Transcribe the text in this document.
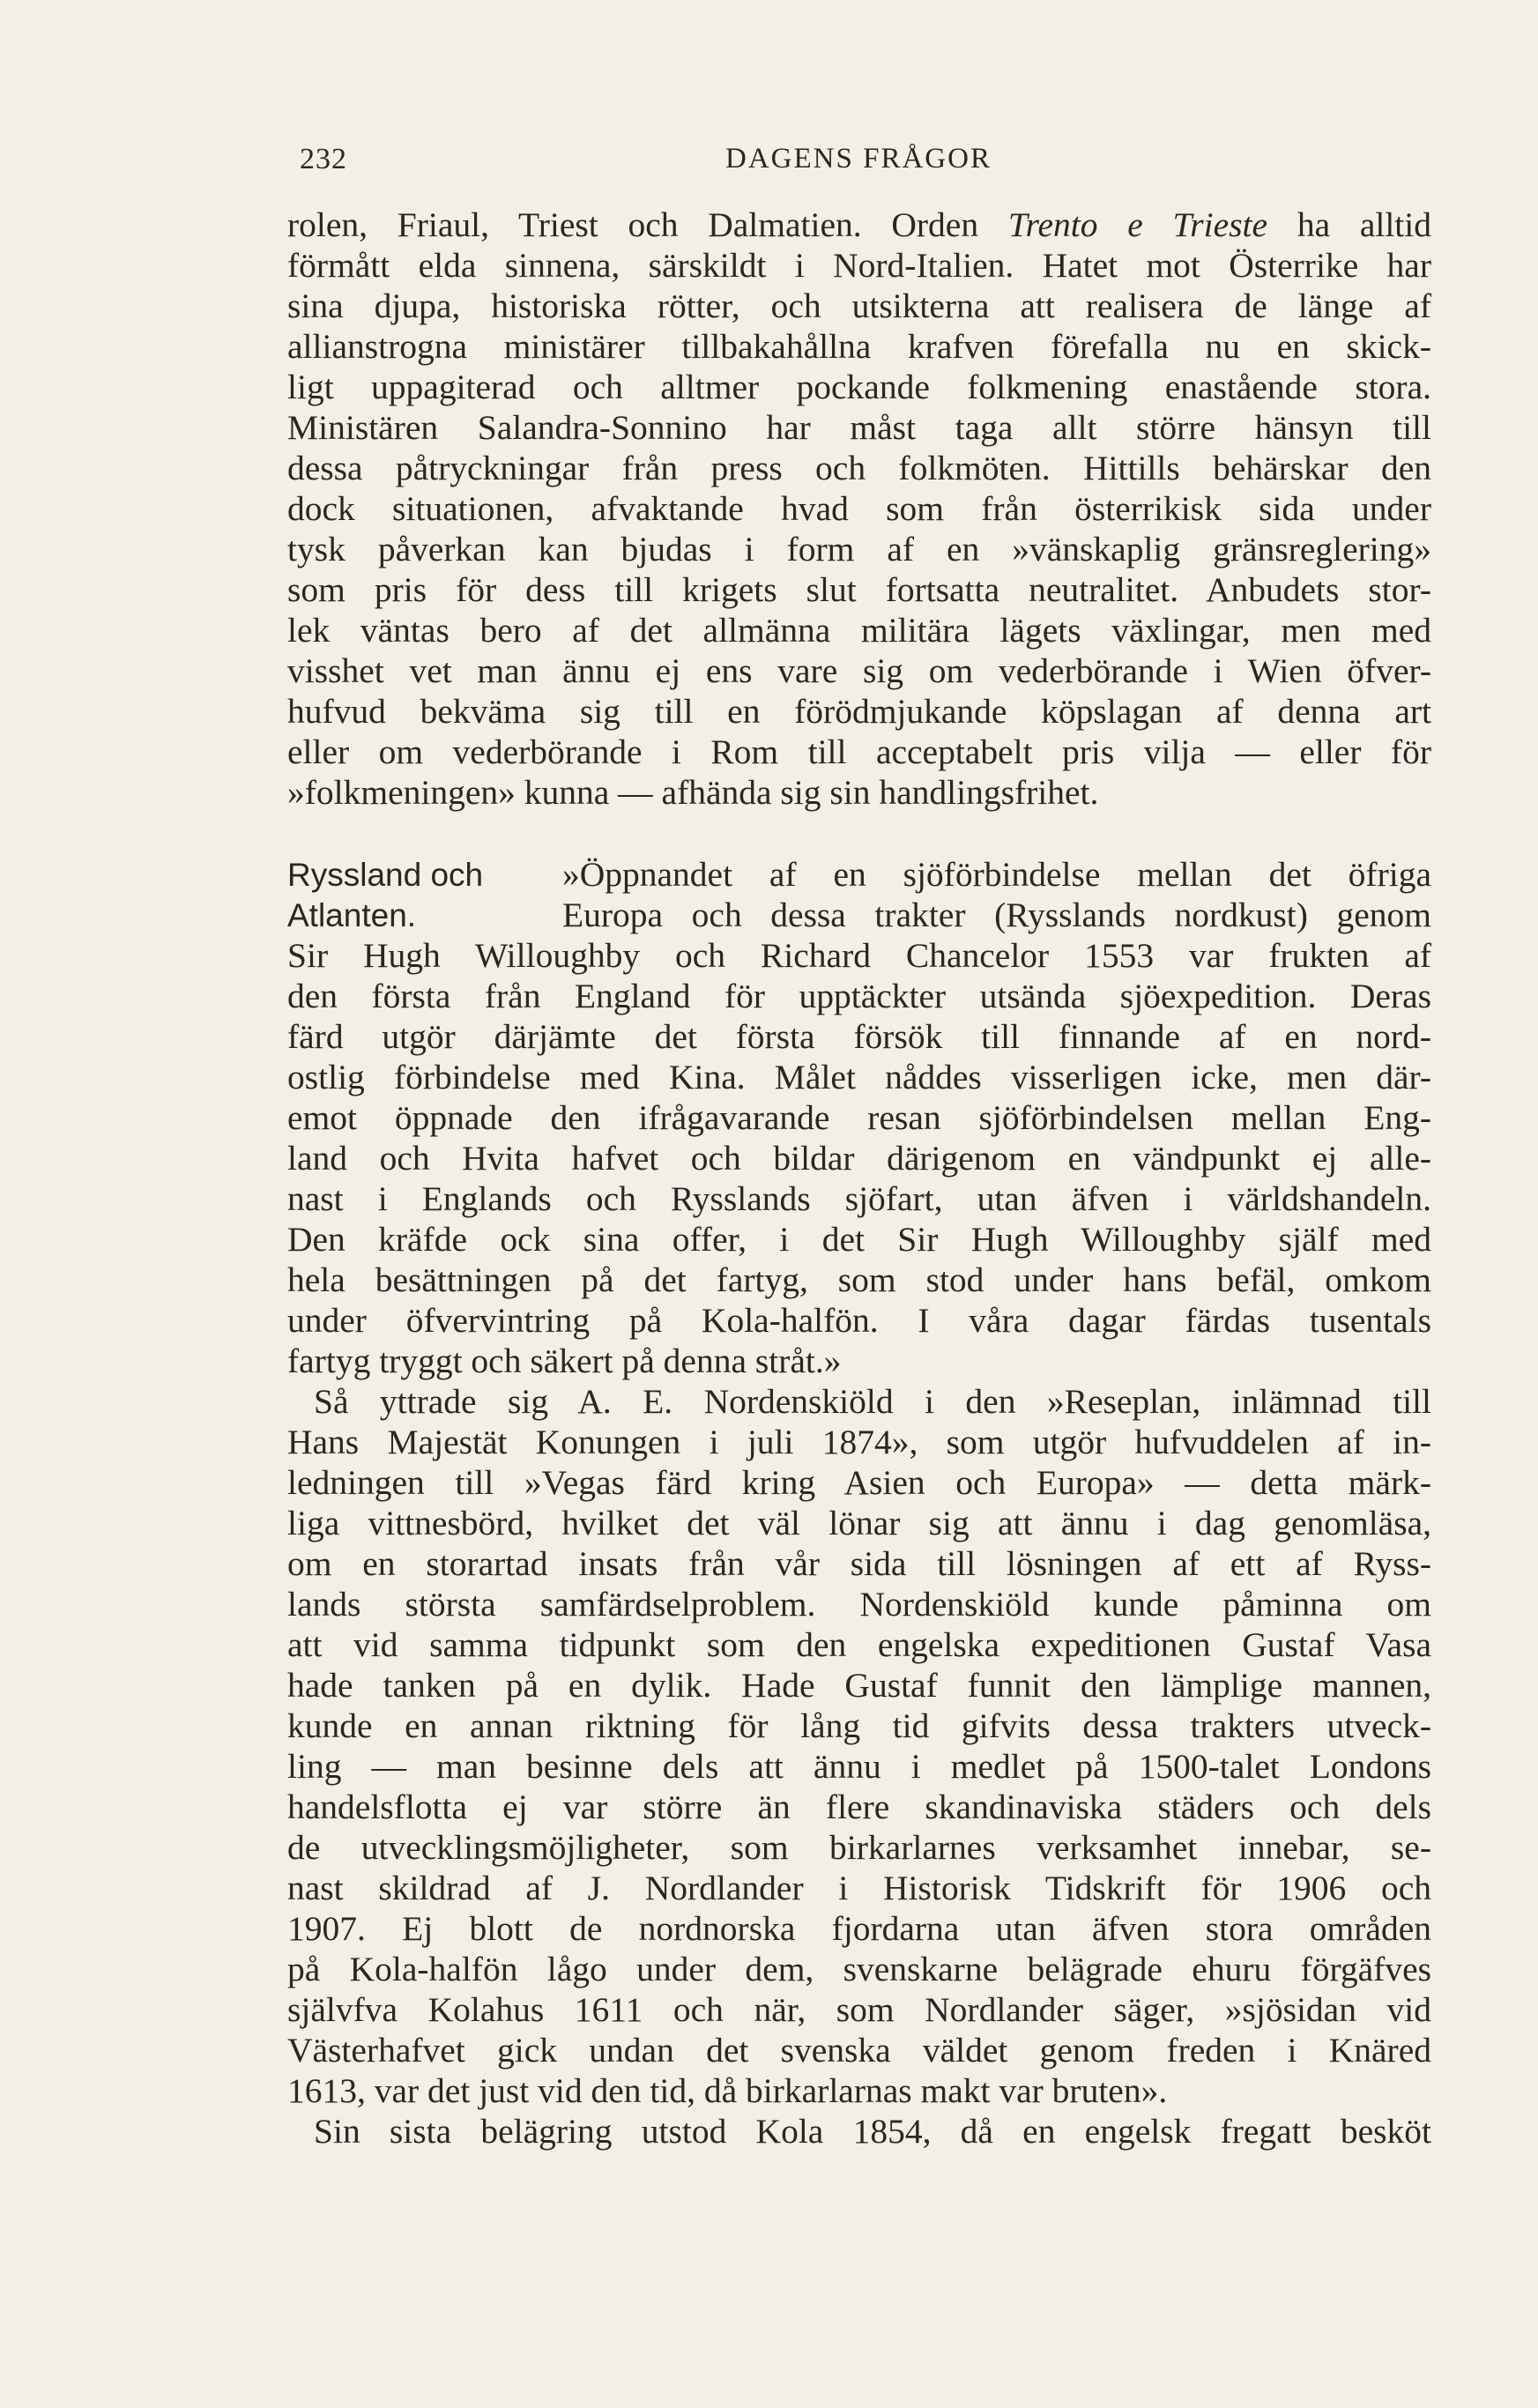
232	DAGENS FRÅGOR
rolen, Friaul, Triest och Dalmatien. Orden Trento e Trieste ha alltid
förmått elda sinnena, särskildt i Nord-Italien. Hatet mot Österrike har
sina djupa, historiska rötter, och utsikterna att realisera de länge af
allianstrogna ministärer tillbakahållna krafven förefalla nu en skick-
ligt uppagiterad och alltmer pockande folkmening enastående stora.
Ministären Salandra-Sonnino har måst taga allt större hänsyn till
dessa påtryckningar från press och folkmöten. Hittills behärskar den
dock situationen, afvaktande hvad som från österrikisk sida under
tysk påverkan kan bjudas i form af en »vänskaplig gränsreglering»
som pris för dess till krigets slut fortsatta neutralitet. Anbudets stor-
lek väntas bero af det allmänna militära lägets växlingar, men med
visshet vet man ännu ej ens vare sig om vederbörande i Wien öfver-
hufvud bekväma sig till en förödmjukande köpslagan af denna art
eller om vederbörande i Rom till acceptabelt pris vilja — eller för
»folkmeningen» kunna — afhända sig sin handlingsfrihet.
Ryssland och	»Öppnandet af en sjöförbindelse mellan det öfriga
Atlanten.	Europa och dessa trakter (Rysslands nordkust) genom
Sir Hugh Willoughby och Richard Chancelor 1553 var frukten af
den första från England för upptäckter utsända sjöexpedition. Deras
färd utgör därjämte det första försök till finnande af en nord-
ostlig förbindelse med Kina. Målet nåddes visserligen icke, men där-
emot öppnade den ifrågavarande resan sjöförbindelsen mellan Eng-
land och Hvita hafvet och bildar därigenom en vändpunkt ej alle-
nast i Englands och Rysslands sjöfart, utan äfven i världshandeln.
Den kräfde ock sina offer, i det Sir Hugh Willoughby själf med
hela besättningen på det fartyg, som stod under hans befäl, omkom
under öfvervintring på Kola-halfön. I våra dagar färdas tusentals
fartyg tryggt och säkert på denna stråt.»
Så yttrade sig A. E. Nordenskiöld i den »Reseplan, inlämnad till
Hans Majestät Konungen i juli 1874», som utgör hufvuddelen af in-
ledningen till »Vegas färd kring Asien och Europa» — detta märk-
liga vittnesbörd, hvilket det väl lönar sig att ännu i dag genomläsa,
om en storartad insats från vår sida till lösningen af ett af Ryss-
lands största samfärdselproblem. Nordenskiöld kunde påminna om
att vid samma tidpunkt som den engelska expeditionen Gustaf Vasa
hade tanken på en dylik. Hade Gustaf funnit den lämplige mannen,
kunde en annan riktning för lång tid gifvits dessa trakters utveck-
ling — man besinne dels att ännu i medlet på 1500-talet Londons
handelsflotta ej var större än flere skandinaviska städers och dels
de utvecklingsmöjligheter, som birkarlarnes verksamhet innebar, se-
nast skildrad af J. Nordlander i Historisk Tidskrift för 1906 och
1907. Ej blott de nordnorska fjordarna utan äfven stora områden
på Kola-halfön lågo under dem, svenskarne belägrade ehuru förgäfves
självfva Kolahus 1611 och när, som Nordlander säger, »sjösidan vid
Västerhafvet gick undan det svenska väldet genom freden i Knäred
1613, var det just vid den tid, då birkarlarnas makt var bruten».
Sin sista belägring utstod Kola 1854, då en engelsk fregatt besköt
